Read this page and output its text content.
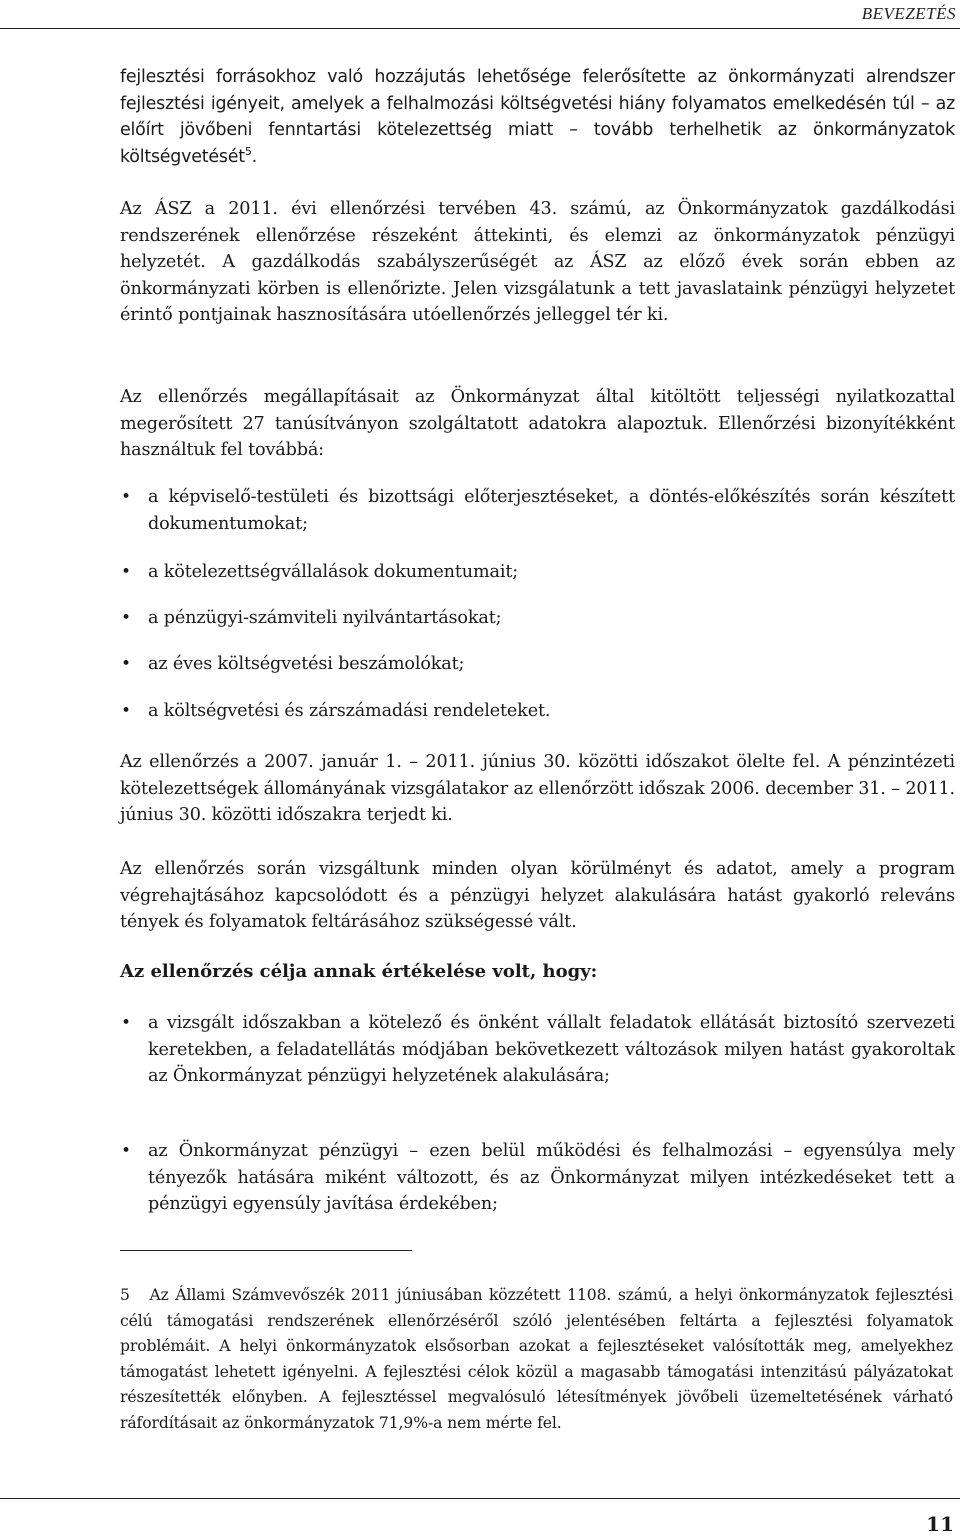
BEVEZETÉS

fejlesztési forrásokhoz való hozzájutás lehetősége felerősítette az önkormányzati alrendszer fejlesztési igényeit, amelyek a felhalmozási költségvetési hiány folyamatos emelkedésén túl – az előírt jövőbeni fenntartási kötelezettség miatt – tovább terhelhetik az önkormányzatok költségvetését$^5$.

Az ÁSZ a 2011. évi ellenőrzési tervében 43. számú, az Önkormányzatok gazdálkodási rendszerének ellenőrzése részeként áttekinti, és elemzi az önkormányzatok pénzügyi helyzetét. A gazdálkodás szabályszerűségét az ÁSZ az előző évek során ebben az önkormányzati körben is ellenőrizte. Jelen vizsgálatunk a tett javaslataink pénzügyi helyzetet érintő pontjainak hasznosítására utóellenőrzés jelleggel tér ki.

Az ellenőrzés megállapításait az Önkormányzat által kitöltött teljességi nyilatkozattal megerősített 27 tanúsítványon szolgáltatott adatokra alapoztuk. Ellenőrzési bizonyítékként használtuk fel továbbá:

• a képviselő-testületi és bizottsági előterjesztéseket, a döntés-előkészítés során készített dokumentumokat;
• a kötelezettségvállalások dokumentumait;
• a pénzügyi-számviteli nyilvántartásokat;
• az éves költségvetési beszámolókat;
• a költségvetési és zárszámadási rendeleteket.

Az ellenőrzés a 2007. január 1. – 2011. június 30. közötti időszakot ölelte fel. A pénzintézeti kötelezettségek állományának vizsgálatakor az ellenőrzött időszak 2006. december 31. – 2011. június 30. közötti időszakra terjedt ki.

Az ellenőrzés során vizsgáltunk minden olyan körülményt és adatot, amely a program végrehajtásához kapcsolódott és a pénzügyi helyzet alakulására hatást gyakorló releváns tények és folyamatok feltárásához szükségessé vált.

Az ellenőrzés célja annak értékelése volt, hogy:

• a vizsgált időszakban a kötelező és önként vállalt feladatok ellátását biztosító szervezeti keretekben, a feladatellátás módjában bekövetkezett változások milyen hatást gyakoroltak az Önkormányzat pénzügyi helyzetének alakulására;
• az Önkormányzat pénzügyi – ezen belül működési és felhalmozási – egyensúlya mely tényezők hatására miként változott, és az Önkormányzat milyen intézkedéseket tett a pénzügyi egyensúly javítása érdekében;

5 Az Állami Számvevőszék 2011 júniusában közzétett 1108. számú, a helyi önkormányzatok fejlesztési célú támogatási rendszerének ellenőrzéséről szóló jelentésében feltárta a fejlesztési folyamatok problémáit. A helyi önkormányzatok elsősorban azokat a fejlesztéseket valósították meg, amelyekhez támogatást lehetett igényelni. A fejlesztési célok közül a magasabb támogatási intenzitású pályázatokat részesítették előnyben. A fejlesztéssel megvalósuló létesítmények jövőbeli üzemeltetésének várható ráfordításait az önkormányzatok 71,9%-a nem mérte fel.

11
